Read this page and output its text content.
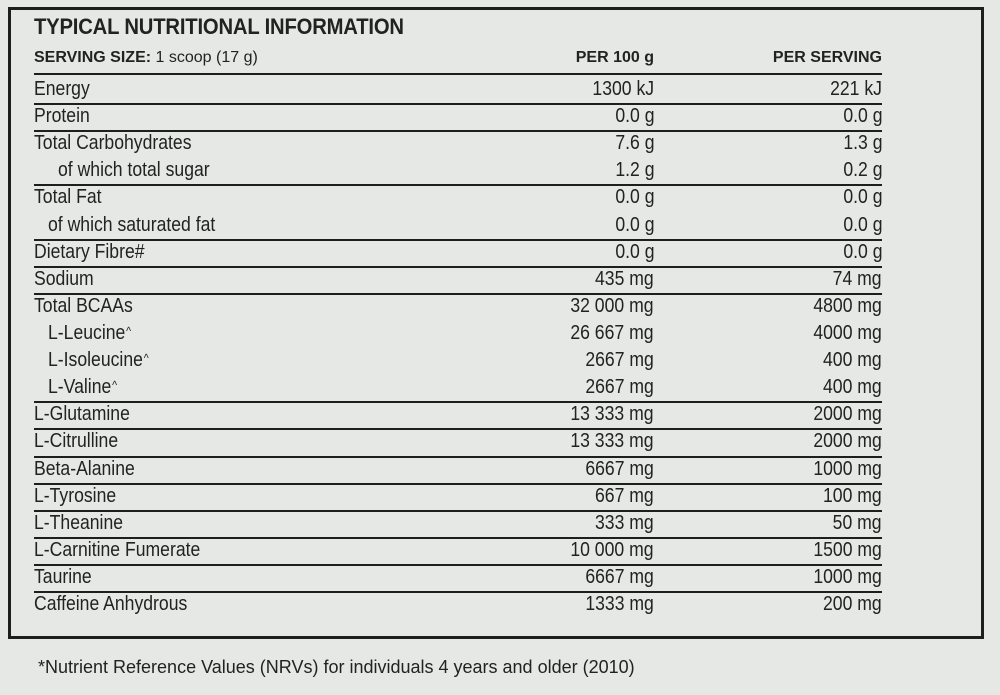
TYPICAL NUTRITIONAL INFORMATION
SERVING SIZE: 1 scoop (17 g)	PER 100 g	PER SERVING
Energy	1300 kJ	221 kJ
Protein	0.0 g	0.0 g
Total Carbohydrates	7.6 g	1.3 g
of which total sugar	1.2 g	0.2 g
Total Fat	0.0 g	0.0 g
of which saturated fat	0.0 g	0.0 g
Dietary Fibre#	0.0 g	0.0 g
Sodium	435 mg	74 mg
Total BCAAs	32 000 mg	4800 mg
L-Leucine^	26 667 mg	4000 mg
L-Isoleucine^	2667 mg	400 mg
L-Valine^	2667 mg	400 mg
L-Glutamine	13 333 mg	2000 mg
L-Citrulline	13 333 mg	2000 mg
Beta-Alanine	6667 mg	1000 mg
L-Tyrosine	667 mg	100 mg
L-Theanine	333 mg	50 mg
L-Carnitine Fumerate	10 000 mg	1500 mg
Taurine	6667 mg	1000 mg
Caffeine Anhydrous	1333 mg	200 mg
*Nutrient Reference Values (NRVs) for individuals 4 years and older (2010)
